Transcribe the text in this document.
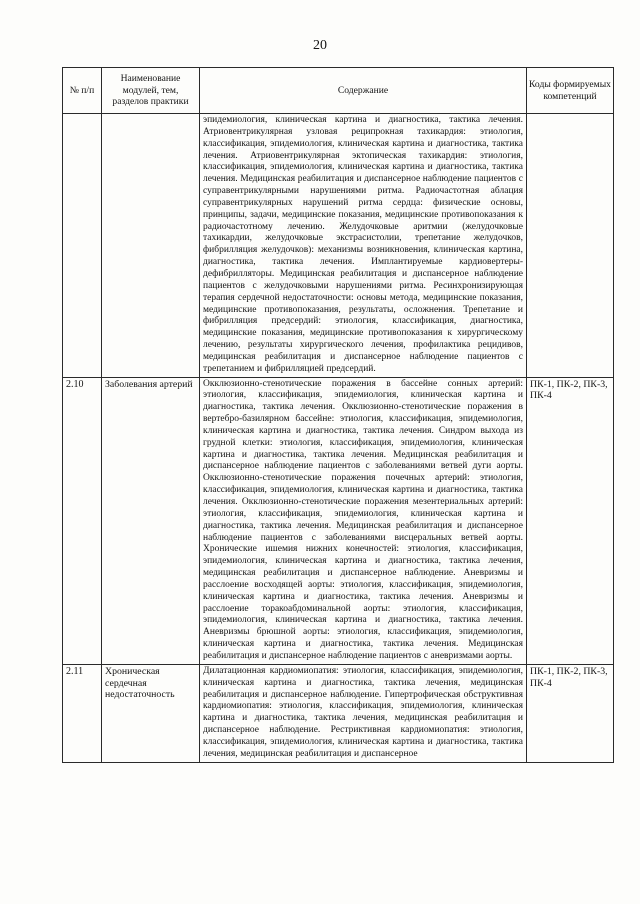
20
№ п/п	Наименование модулей, тем, разделов практики	Содержание	Коды формируемых компетенций
		эпидемиология, клиническая картина и диагностика, тактика лечения. Атриовентрикулярная узловая реципрокная тахикардия: этиология, классификация, эпидемиология, клиническая картина и диагностика, тактика лечения. Атриовентрикулярная эктопическая тахикардия: этиология, классификация, эпидемиология, клиническая картина и диагностика, тактика лечения. Медицинская реабилитация и диспансерное наблюдение пациентов с суправентрикулярными нарушениями ритма. Радиочастотная аблация суправентрикулярных нарушений ритма сердца: физические основы, принципы, задачи, медицинские показания, медицинские противопоказания к радиочастотному лечению. Желудочковые аритмии (желудочковые тахикардии, желудочковые экстрасистолии, трепетание желудочков, фибрилляция желудочков): механизмы возникновения, клиническая картина, диагностика, тактика лечения. Имплантируемые кардиовертеры-дефибрилляторы. Медицинская реабилитация и диспансерное наблюдение пациентов с желудочковыми нарушениями ритма. Ресинхронизирующая терапия сердечной недостаточности: основы метода, медицинские показания, медицинские противопоказания, результаты, осложнения. Трепетание и фибрилляция предсердий: этиология, классификация, диагностика, медицинские показания, медицинские противопоказания к хирургическому лечению, результаты хирургического лечения, профилактика рецидивов, медицинская реабилитация и диспансерное наблюдение пациентов с трепетанием и фибрилляцией предсердий.	
2.10	Заболевания артерий	Окклюзионно-стенотические поражения в бассейне сонных артерий: этиология, классификация, эпидемиология, клиническая картина и диагностика, тактика лечения. Окклюзионно-стенотические поражения в вертебро-базилярном бассейне: этиология, классификация, эпидемиология, клиническая картина и диагностика, тактика лечения. Синдром выхода из грудной клетки: этиология, классификация, эпидемиология, клиническая картина и диагностика, тактика лечения. Медицинская реабилитация и диспансерное наблюдение пациентов с заболеваниями ветвей дуги аорты. Окклюзионно-стенотические поражения почечных артерий: этиология, классификация, эпидемиология, клиническая картина и диагностика, тактика лечения. Окклюзионно-стенотические поражения мезентериальных артерий: этиология, классификация, эпидемиология, клиническая картина и диагностика, тактика лечения. Медицинская реабилитация и диспансерное наблюдение пациентов с заболеваниями висцеральных ветвей аорты. Хронические ишемия нижних конечностей: этиология, классификация, эпидемиология, клиническая картина и диагностика, тактика лечения, медицинская реабилитация и диспансерное наблюдение. Аневризмы и расслоение восходящей аорты: этиология, классификация, эпидемиология, клиническая картина и диагностика, тактика лечения. Аневризмы и расслоение торакоабдоминальной аорты: этиология, классификация, эпидемиология, клиническая картина и диагностика, тактика лечения. Аневризмы брюшной аорты: этиология, классификация, эпидемиология, клиническая картина и диагностика, тактика лечения. Медицинская реабилитация и диспансерное наблюдение пациентов с аневризмами аорты.	ПК-1, ПК-2, ПК-3, ПК-4
2.11	Хроническая сердечная недостаточность	Дилатационная кардиомиопатия: этиология, классификация, эпидемиология, клиническая картина и диагностика, тактика лечения, медицинская реабилитация и диспансерное наблюдение. Гипертрофическая обструктивная кардиомиопатия: этиология, классификация, эпидемиология, клиническая картина и диагностика, тактика лечения, медицинская реабилитация и диспансерное наблюдение. Рестриктивная кардиомиопатия: этиология, классификация, эпидемиология, клиническая картина и диагностика, тактика лечения, медицинская реабилитация и диспансерное	ПК-1, ПК-2, ПК-3, ПК-4
